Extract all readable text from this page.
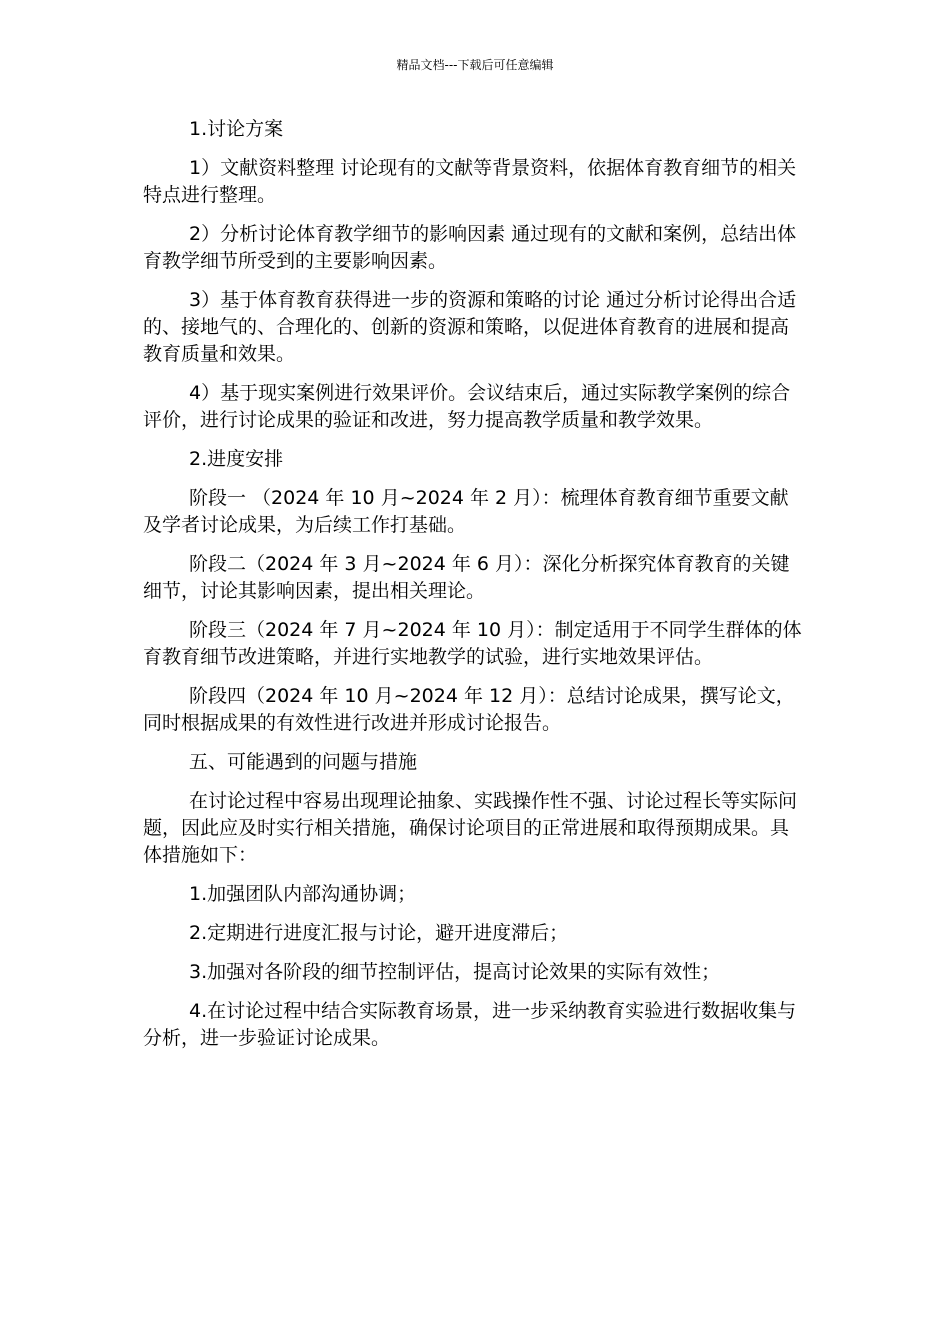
精品文档---下载后可任意编辑

1.讨论方案

1）文献资料整理 讨论现有的文献等背景资料，依据体育教育细节的相关特点进行整理。

2）分析讨论体育教学细节的影响因素 通过现有的文献和案例，总结出体育教学细节所受到的主要影响因素。

3）基于体育教育获得进一步的资源和策略的讨论 通过分析讨论得出合适的、接地气的、合理化的、创新的资源和策略，以促进体育教育的进展和提高教育质量和效果。

4）基于现实案例进行效果评价。会议结束后，通过实际教学案例的综合评价，进行讨论成果的验证和改进，努力提高教学质量和教学效果。

2.进度安排

阶段一 （2024 年 10 月~2024 年 2 月）：梳理体育教育细节重要文献及学者讨论成果，为后续工作打基础。

阶段二（2024 年 3 月~2024 年 6 月）：深化分析探究体育教育的关键细节，讨论其影响因素，提出相关理论。

阶段三（2024 年 7 月~2024 年 10 月）：制定适用于不同学生群体的体育教育细节改进策略，并进行实地教学的试验，进行实地效果评估。

阶段四（2024 年 10 月~2024 年 12 月）：总结讨论成果，撰写论文，同时根据成果的有效性进行改进并形成讨论报告。

五、可能遇到的问题与措施

在讨论过程中容易出现理论抽象、实践操作性不强、讨论过程长等实际问题，因此应及时实行相关措施，确保讨论项目的正常进展和取得预期成果。具体措施如下：

1.加强团队内部沟通协调；

2.定期进行进度汇报与讨论，避开进度滞后；

3.加强对各阶段的细节控制评估，提高讨论效果的实际有效性；

4.在讨论过程中结合实际教育场景，进一步采纳教育实验进行数据收集与分析，进一步验证讨论成果。
